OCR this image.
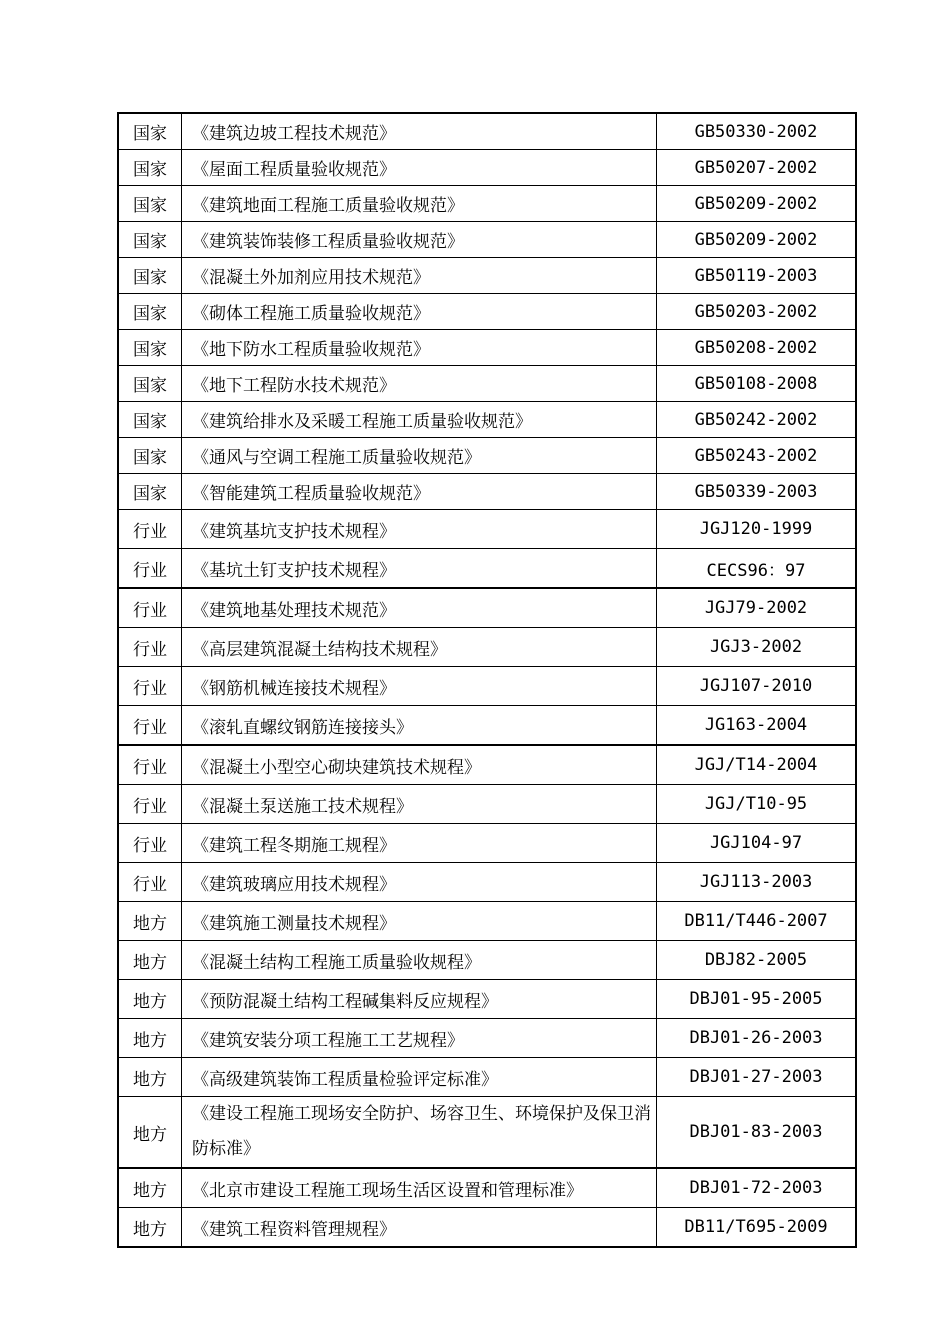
国家	《建筑边坡工程技术规范》	GB50330-2002
国家	《屋面工程质量验收规范》	GB50207-2002
国家	《建筑地面工程施工质量验收规范》	GB50209-2002
国家	《建筑装饰装修工程质量验收规范》	GB50209-2002
国家	《混凝土外加剂应用技术规范》	GB50119-2003
国家	《砌体工程施工质量验收规范》	GB50203-2002
国家	《地下防水工程质量验收规范》	GB50208-2002
国家	《地下工程防水技术规范》	GB50108-2008
国家	《建筑给排水及采暖工程施工质量验收规范》	GB50242-2002
国家	《通风与空调工程施工质量验收规范》	GB50243-2002
国家	《智能建筑工程质量验收规范》	GB50339-2003
行业	《建筑基坑支护技术规程》	JGJ120-1999
行业	《基坑土钉支护技术规程》	CECS96：97
行业	《建筑地基处理技术规范》	JGJ79-2002
行业	《高层建筑混凝土结构技术规程》	JGJ3-2002
行业	《钢筋机械连接技术规程》	JGJ107-2010
行业	《滚轧直螺纹钢筋连接接头》	JG163-2004
行业	《混凝土小型空心砌块建筑技术规程》	JGJ/T14-2004
行业	《混凝土泵送施工技术规程》	JGJ/T10-95
行业	《建筑工程冬期施工规程》	JGJ104-97
行业	《建筑玻璃应用技术规程》	JGJ113-2003
地方	《建筑施工测量技术规程》	DB11/T446-2007
地方	《混凝土结构工程施工质量验收规程》	DBJ82-2005
地方	《预防混凝土结构工程碱集料反应规程》	DBJ01-95-2005
地方	《建筑安装分项工程施工工艺规程》	DBJ01-26-2003
地方	《高级建筑装饰工程质量检验评定标准》	DBJ01-27-2003
地方	《建设工程施工现场安全防护、场容卫生、环境保护及保卫消防标准》	DBJ01-83-2003
地方	《北京市建设工程施工现场生活区设置和管理标准》	DBJ01-72-2003
地方	《建筑工程资料管理规程》	DB11/T695-2009
